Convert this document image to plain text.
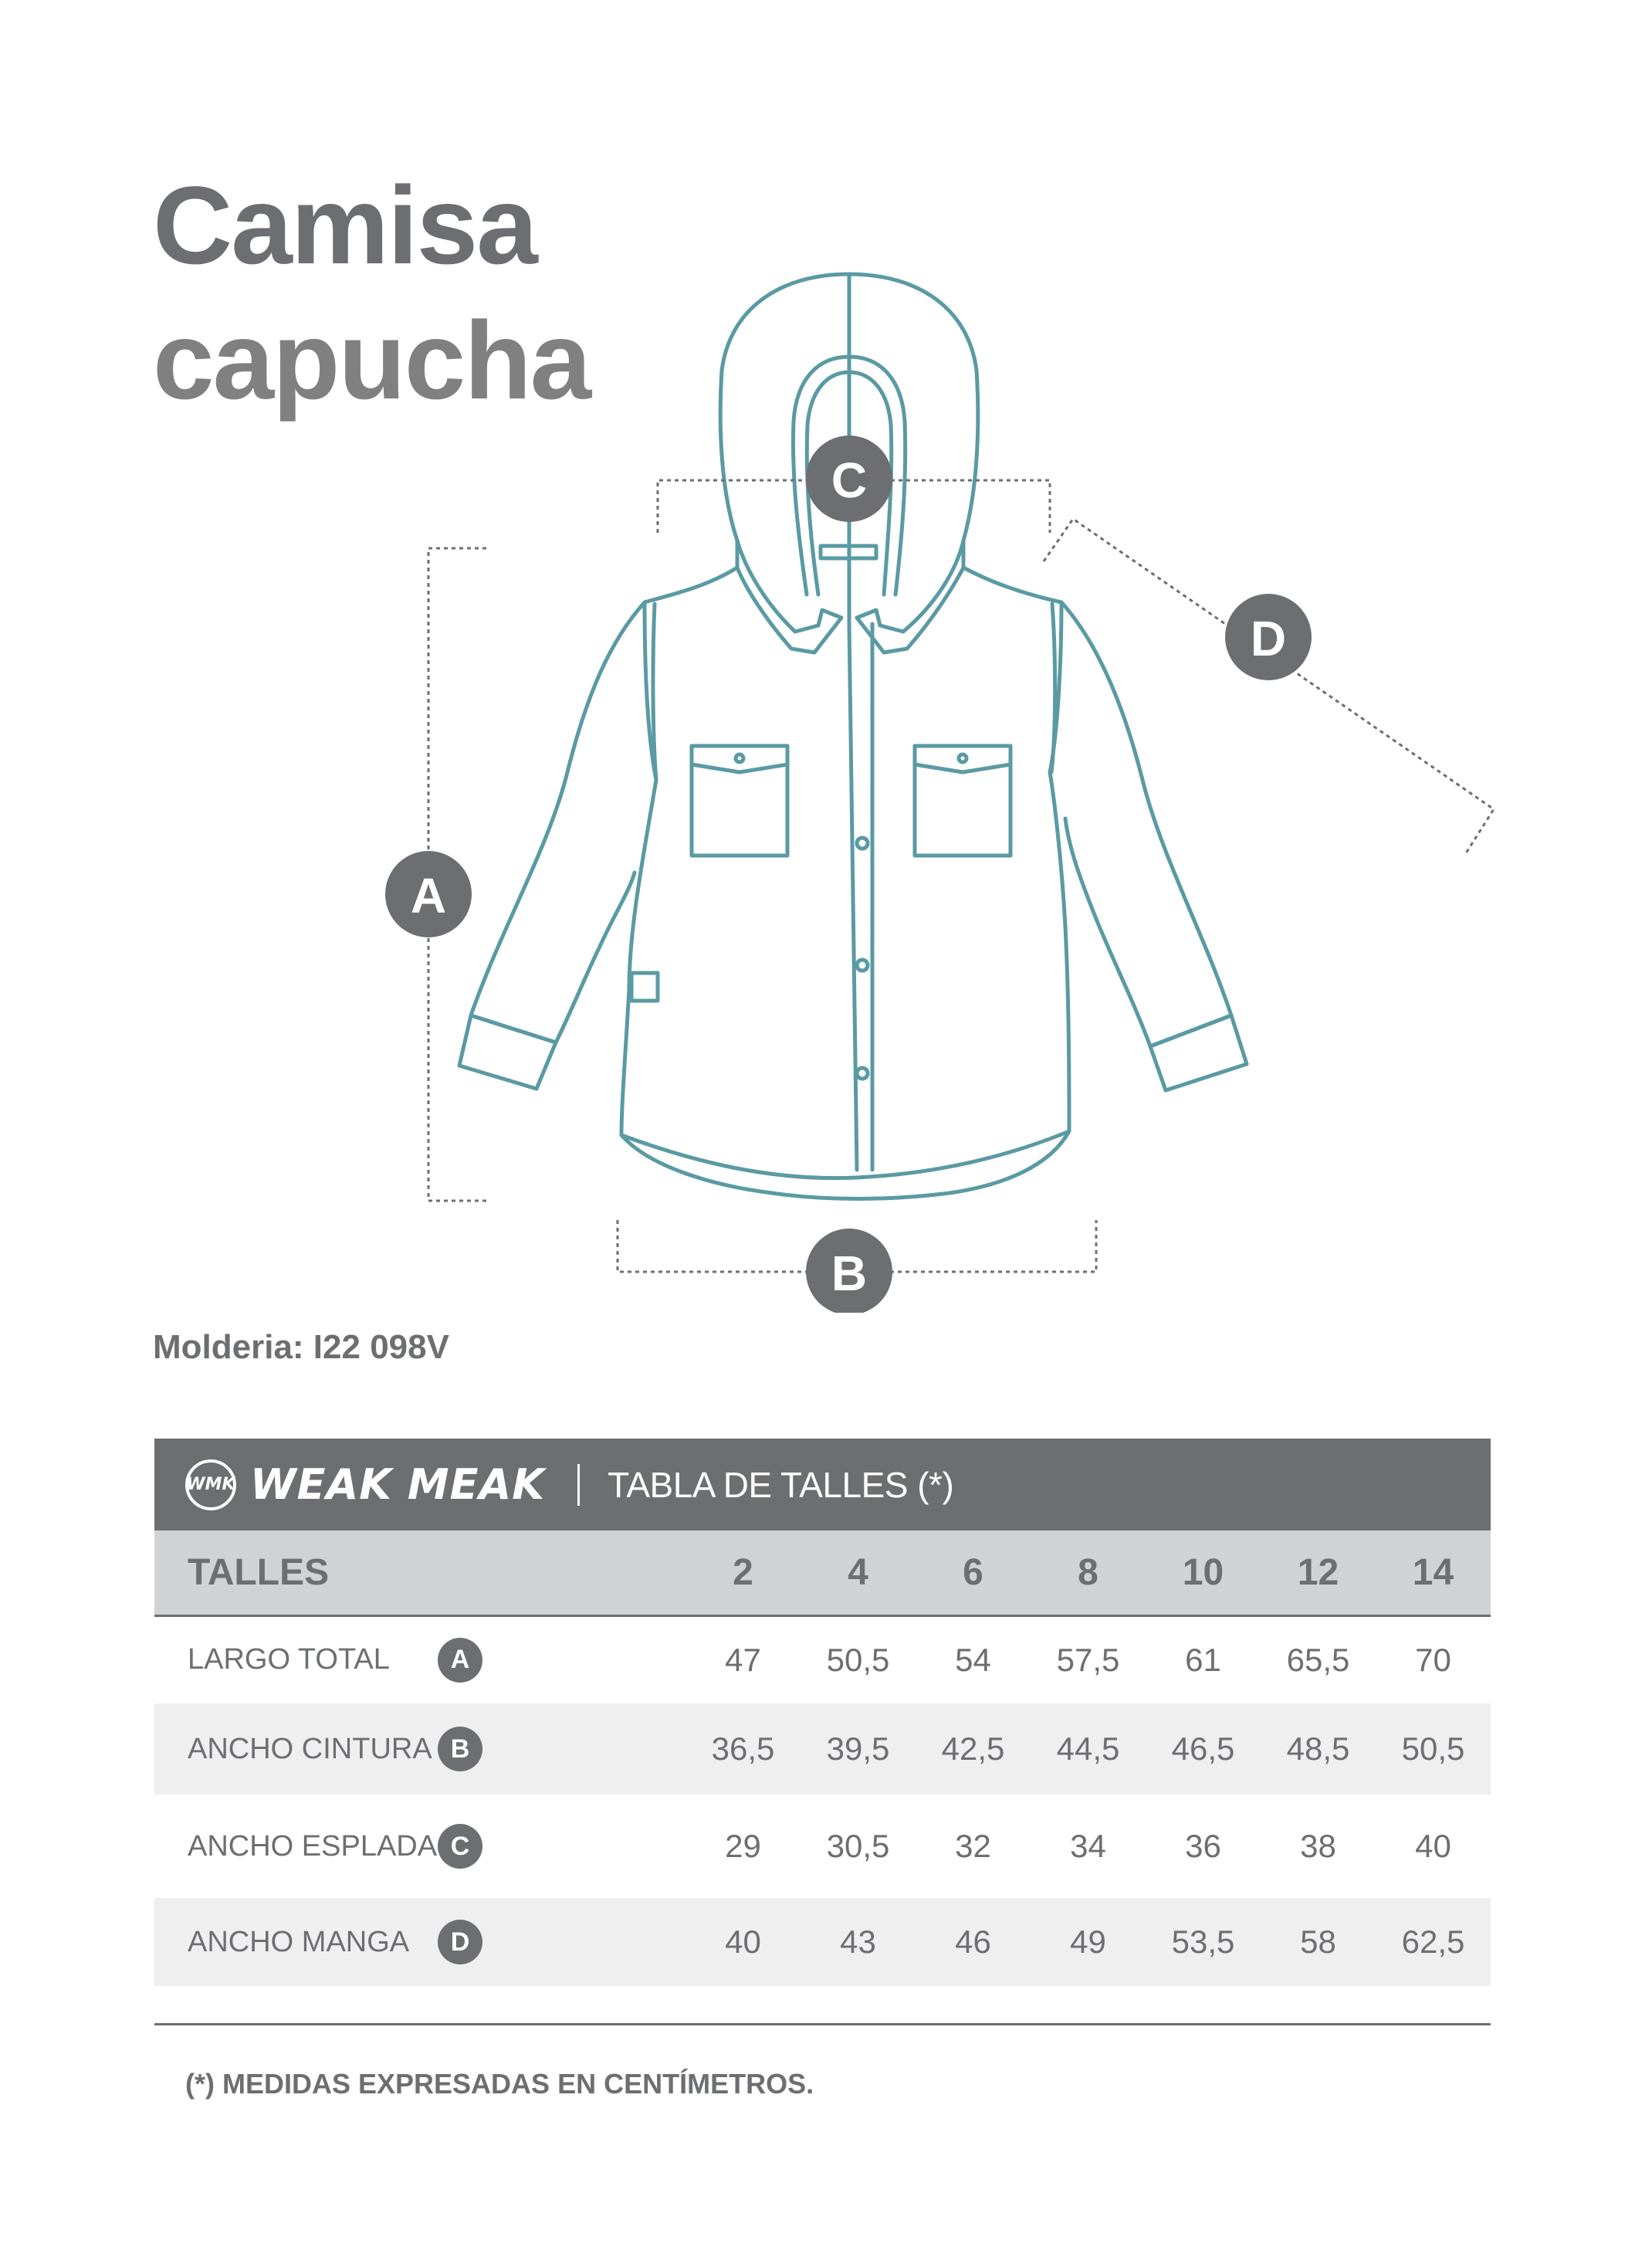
Camisa
capucha
A
B
C
D
Molderia: I22 098V
WMK WEAK MEAK TABLA DE TALLES (*)
TALLES		2	4	6	8	10	12	14
LARGO TOTAL	A	47	50,5	54	57,5	61	65,5	70
ANCHO CINTURA	B	36,5	39,5	42,5	44,5	46,5	48,5	50,5
ANCHO ESPLADA	C	29	30,5	32	34	36	38	40
ANCHO MANGA	D	40	43	46	49	53,5	58	62,5
(*) MEDIDAS EXPRESADAS EN CENTÍMETROS.
